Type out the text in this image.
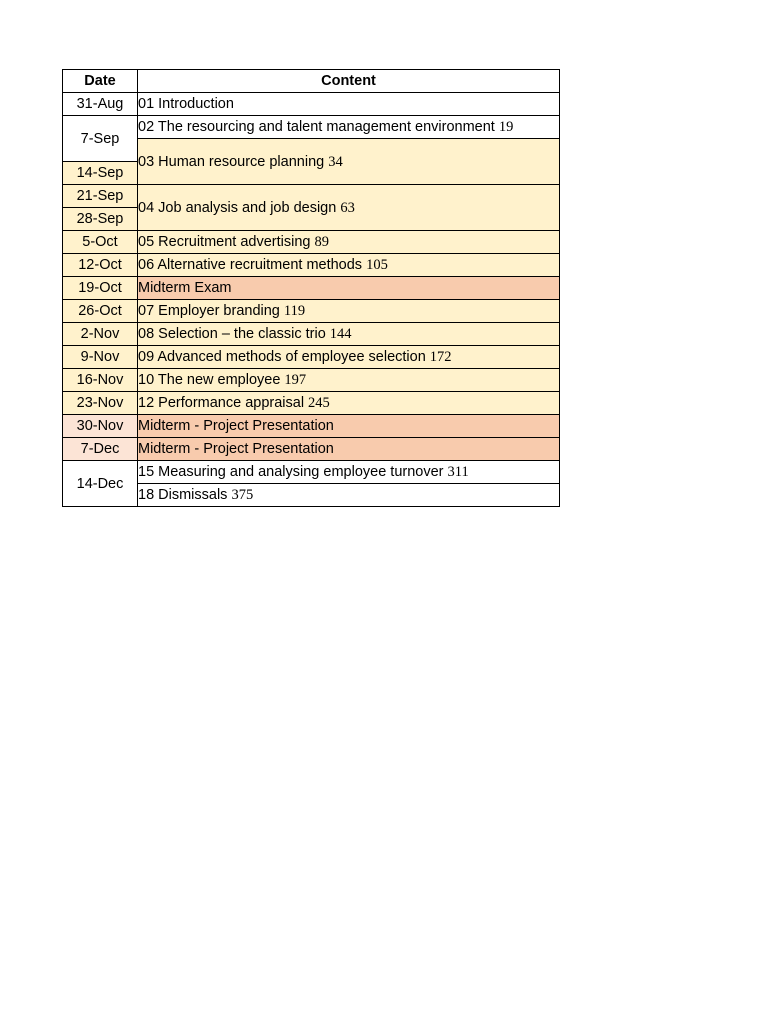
Date	Content
31-Aug	01 Introduction
7-Sep	02 The resourcing and talent management environment 19
	03 Human resource planning 34
14-Sep	
21-Sep	04 Job analysis and job design 63
28-Sep	
5-Oct	05 Recruitment advertising 89
12-Oct	06 Alternative recruitment methods 105
19-Oct	Midterm Exam
26-Oct	07 Employer branding 119
2-Nov	08 Selection – the classic trio 144
9-Nov	09 Advanced methods of employee selection 172
16-Nov	10 The new employee 197
23-Nov	12 Performance appraisal 245
30-Nov	Midterm - Project Presentation
7-Dec	Midterm - Project Presentation
14-Dec	15 Measuring and analysing employee turnover 311
	18 Dismissals 375
